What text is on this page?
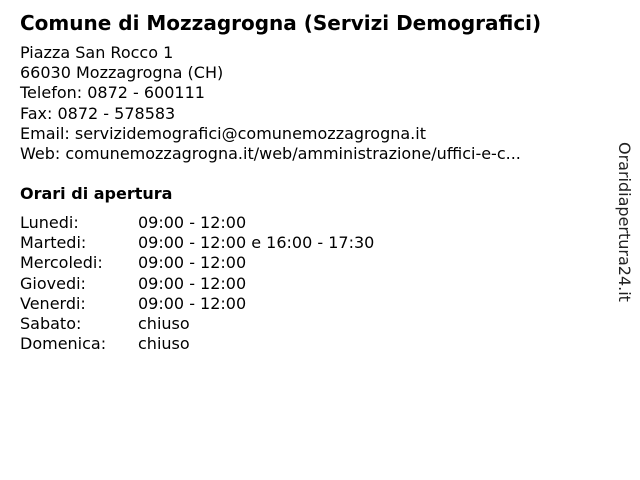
Comune di Mozzagrogna (Servizi Demografici)
Piazza San Rocco 1
66030 Mozzagrogna (CH)
Telefon: 0872 - 600111
Fax: 0872 - 578583
Email: servizidemografici@comunemozzagrogna.it
Web: comunemozzagrogna.it/web/amministrazione/uffici-e-c...
Orari di apertura
Lunedi:	09:00 - 12:00
Martedi:	09:00 - 12:00 e 16:00 - 17:30
Mercoledi: 09:00 - 12:00
Giovedi:	09:00 - 12:00
Venerdi:	09:00 - 12:00
Sabato:	chiuso
Domenica: chiuso
Oraridiapertura24.it
